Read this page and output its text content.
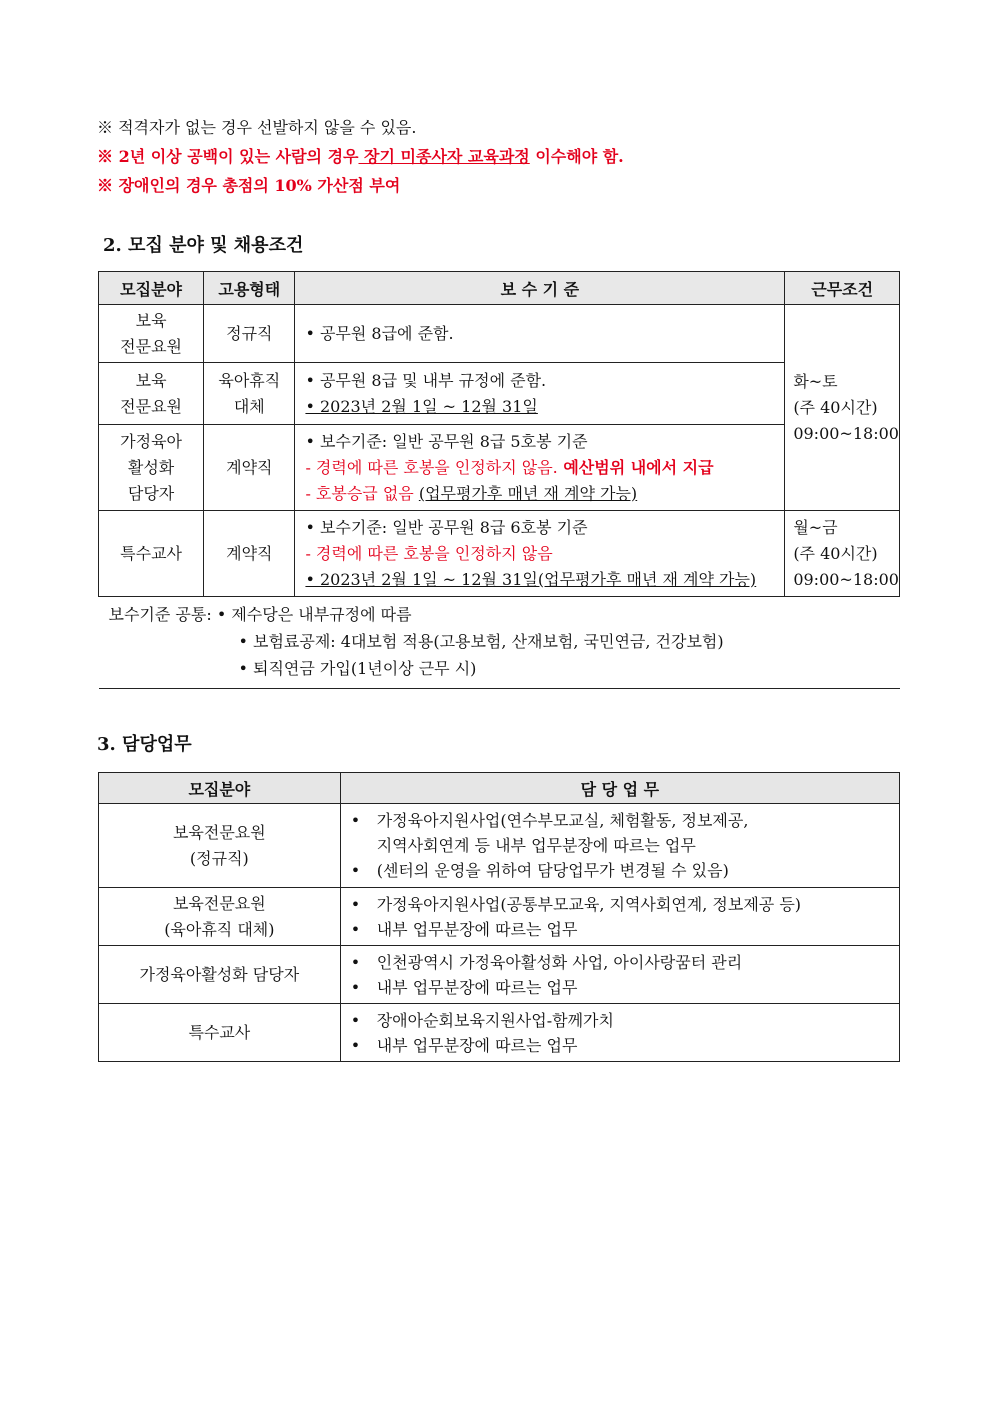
※ 적격자가 없는 경우 선발하지 않을 수 있음.
※ 2년 이상 공백이 있는 사람의 경우 장기 미종사자 교육과정 이수해야 함.
※ 장애인의 경우 총점의 10% 가산점 부여
2. 모집 분야 및 채용조건
모집분야	고용형태	보 수 기 준	근무조건
보육
전문요원	정규직	• 공무원 8급에 준함.	화~토
(주 40시간)
09:00~18:00
보육
전문요원	육아휴직
대체	• 공무원 8급 및 내부 규정에 준함.
• 2023년 2월 1일 ~ 12월 31일	
가정육아
활성화
담당자	계약직	• 보수기준: 일반 공무원 8급 5호봉 기준
- 경력에 따른 호봉을 인정하지 않음. 예산범위 내에서 지급
- 호봉승급 없음 (업무평가후 매년 재 계약 가능)	
특수교사	계약직	• 보수기준: 일반 공무원 8급 6호봉 기준
- 경력에 따른 호봉을 인정하지 않음
• 2023년 2월 1일 ~ 12월 31일(업무평가후 매년 재 계약 가능)	월~금
(주 40시간)
09:00~18:00
보수기준 공통: • 제수당은 내부규정에 따름
• 보험료공제: 4대보험 적용(고용보험, 산재보험, 국민연금, 건강보험)
• 퇴직연금 가입(1년이상 근무 시)			
3. 담당업무
모집분야	담 당 업 무
보육전문요원
(정규직)	• 가정육아지원사업(연수부모교실, 체험활동, 정보제공,
지역사회연계 등 내부 업무분장에 따르는 업무
• (센터의 운영을 위하여 담당업무가 변경될 수 있음)
보육전문요원
(육아휴직 대체)	• 가정육아지원사업(공통부모교육, 지역사회연계, 정보제공 등)
• 내부 업무분장에 따르는 업무
가정육아활성화 담당자	• 인천광역시 가정육아활성화 사업, 아이사랑꿈터 관리
• 내부 업무분장에 따르는 업무
특수교사	• 장애아순회보육지원사업-함께가치
• 내부 업무분장에 따르는 업무
